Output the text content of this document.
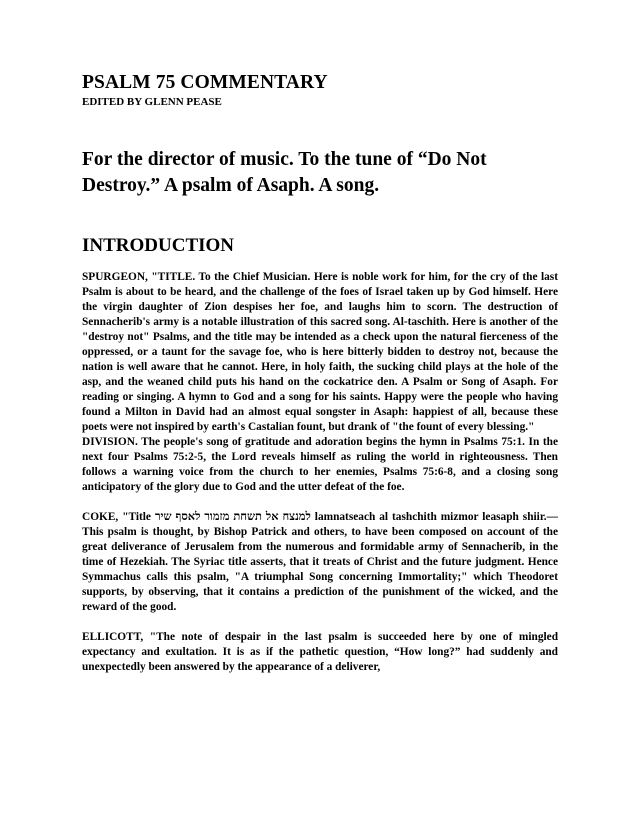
PSALM 75 COMMENTARY
EDITED BY GLENN PEASE
For the director of music. To the tune of “Do Not Destroy.” A psalm of Asaph. A song.
INTRODUCTION

SPURGEON, "TITLE. To the Chief Musician. Here is noble work for him, for the cry of the last Psalm is about to be heard, and the challenge of the foes of Israel taken up by God himself. Here the virgin daughter of Zion despises her foe, and laughs him to scorn. The destruction of Sennacherib's army is a notable illustration of this sacred song. Al-taschith. Here is another of the "destroy not" Psalms, and the title may be intended as a check upon the natural fierceness of the oppressed, or a taunt for the savage foe, who is here bitterly bidden to destroy not, because the nation is well aware that he cannot. Here, in holy faith, the sucking child plays at the hole of the asp, and the weaned child puts his hand on the cockatrice den. A Psalm or Song of Asaph. For reading or singing. A hymn to God and a song for his saints. Happy were the people who having found a Milton in David had an almost equal songster in Asaph: happiest of all, because these poets were not inspired by earth's Castalian fount, but drank of "the fount of every blessing."

DIVISION. The people's song of gratitude and adoration begins the hymn in Psalms 75:1. In the next four Psalms 75:2-5, the Lord reveals himself as ruling the world in righteousness. Then follows a warning voice from the church to her enemies, Psalms 75:6-8, and a closing song anticipatory of the glory due to God and the utter defeat of the foe.

COKE, "Title למנצח אל תשחת מזמור לאסף שיר lamnatseach al tashchith mizmor leasaph shiir.— This psalm is thought, by Bishop Patrick and others, to have been composed on account of the great deliverance of Jerusalem from the numerous and formidable army of Sennacherib, in the time of Hezekiah. The Syriac title asserts, that it treats of Christ and the future judgment. Hence Symmachus calls this psalm, "A triumphal Song concerning Immortality;" which Theodoret supports, by observing, that it contains a prediction of the punishment of the wicked, and the reward of the good.

ELLICOTT, "The note of despair in the last psalm is succeeded here by one of mingled expectancy and exultation. It is as if the pathetic question, “How long?” had suddenly and unexpectedly been answered by the appearance of a deliverer,
